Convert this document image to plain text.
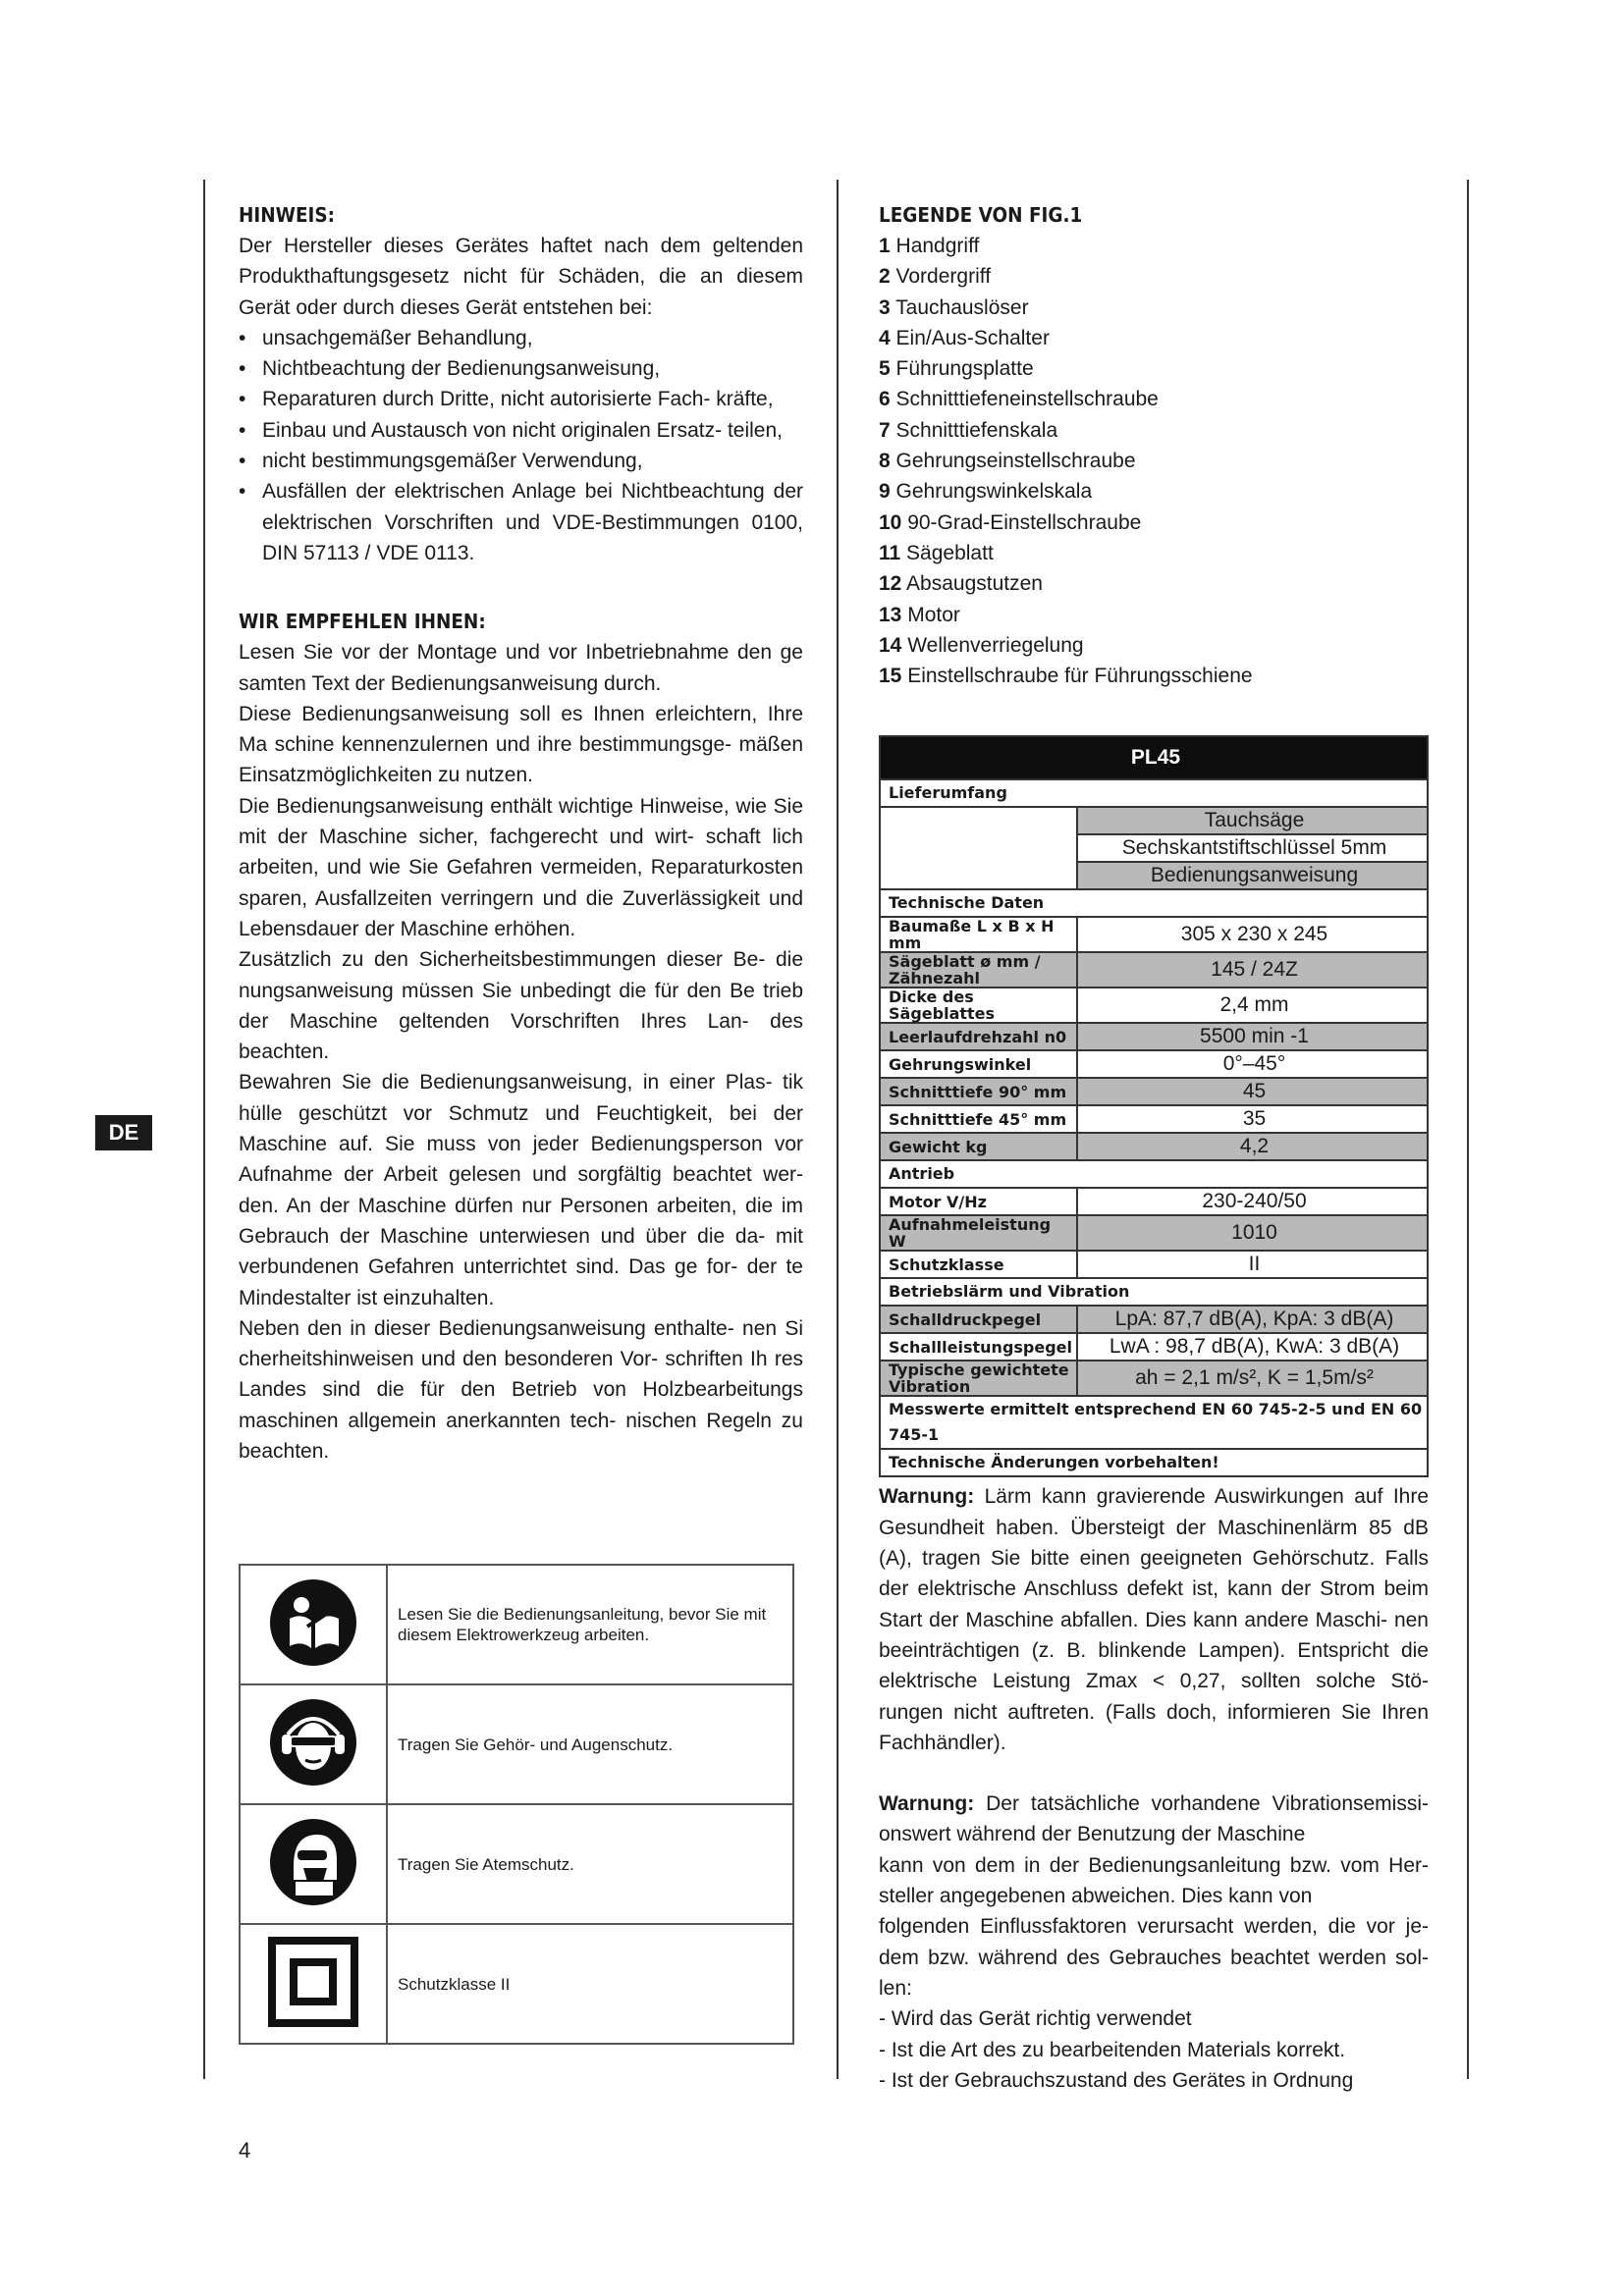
DE
HINWEIS:

Der Hersteller dieses Gerätes haftet nach dem geltenden Produkthaftungsgesetz nicht für Schäden, die an diesem Gerät oder durch dieses Gerät entstehen bei:

• unsachgemäßer Behandlung,
• Nichtbeachtung der Bedienungsanweisung,
• Reparaturen durch Dritte, nicht autorisierte Fach- kräfte,
• Einbau und Austausch von nicht originalen Ersatz- teilen,
• nicht bestimmungsgemäßer Verwendung,
• Ausfällen der elektrischen Anlage bei Nichtbeachtung der elektrischen Vorschriften und VDE-Bestimmungen 0100, DIN 57113 / VDE 0113.
WIR EMPFEHLEN IHNEN:

Lesen Sie vor der Montage und vor Inbetriebnahme den ge samten Text der Bedienungsanweisung durch.

Diese Bedienungsanweisung soll es Ihnen erleichtern, Ihre Ma schine kennenzulernen und ihre bestimmungsge- mäßen Einsatzmöglichkeiten zu nutzen.

Die Bedienungsanweisung enthält wichtige Hinweise, wie Sie mit der Maschine sicher, fachgerecht und wirt- schaft lich arbeiten, und wie Sie Gefahren vermeiden, Reparaturkosten sparen, Ausfallzeiten verringern und die Zuverlässigkeit und Lebensdauer der Maschine erhöhen.

Zusätzlich zu den Sicherheitsbestimmungen dieser Be- die nungsanweisung müssen Sie unbedingt die für den Be trieb der Maschine geltenden Vorschriften Ihres Lan- des beachten.

Bewahren Sie die Bedienungsanweisung, in einer Plas- tik hülle geschützt vor Schmutz und Feuchtigkeit, bei der Maschine auf. Sie muss von jeder Bedienungsperson vor Aufnahme der Arbeit gelesen und sorgfältig beachtet wer- den. An der Maschine dürfen nur Personen arbeiten, die im Gebrauch der Maschine unterwiesen und über die da- mit verbundenen Gefahren unterrichtet sind. Das ge for- der te Mindestalter ist einzuhalten.

Neben den in dieser Bedienungsanweisung enthalte- nen Si cherheitshinweisen und den besonderen Vor- schriften Ih res Landes sind die für den Betrieb von Holzbearbeitungs maschinen allgemein anerkannten tech- nischen Regeln zu beachten.

	Lesen Sie die Bedienungsanleitung, bevor Sie mit diesem Elektrowerkzeug arbeiten.
	Tragen Sie Gehör- und Augenschutz.
	Tragen Sie Atemschutz.
	Schutzklasse II
LEGENDE VON FIG.1
1 Handgriff
2 Vordergriff
3 Tauchauslöser
4 Ein/Aus-Schalter
5 Führungsplatte
6 Schnitttiefeneinstellschraube
7 Schnitttiefenskala
8 Gehrungseinstellschraube
9 Gehrungswinkelskala
10 90-Grad-Einstellschraube
11 Sägeblatt
12 Absaugstutzen
13 Motor
14 Wellenverriegelung
15 Einstellschraube für Führungsschiene
PL45	
Lieferumfang	
	Tauchsäge
	Sechskantstiftschlüssel 5mm
	Bedienungsanweisung
Technische Daten	
Baumaße L x B x H mm	305 x 230 x 245
Sägeblatt ø mm / Zähnezahl	145 / 24Z
Dicke des Sägeblattes	2,4 mm
Leerlaufdrehzahl n0	5500 min -1
Gehrungswinkel	0°–45°
Schnitttiefe 90° mm	45
Schnitttiefe 45° mm	35
Gewicht kg	4,2
Antrieb	
Motor V/Hz	230-240/50
Aufnahmeleistung W	1010
Schutzklasse	II
Betriebslärm und Vibration	
Schalldruckpegel	LpA: 87,7 dB(A), KpA: 3 dB(A)
Schallleistungspegel	LwA : 98,7 dB(A), KwA: 3 dB(A)
Typische gewichtete Vibration	ah = 2,1 m/s², K = 1,5m/s²
Messwerte ermittelt entsprechend EN 60 745-2-5 und EN 60 745-1	
Technische Änderungen vorbehalten!	

Warnung: Lärm kann gravierende Auswirkungen auf Ihre Gesundheit haben. Übersteigt der Maschinenlärm 85 dB (A), tragen Sie bitte einen geeigneten Gehörschutz. Falls der elektrische Anschluss defekt ist, kann der Strom beim Start der Maschine abfallen. Dies kann andere Maschi- nen beeinträchtigen (z. B. blinkende Lampen). Entspricht die elektrische Leistung Zmax < 0,27, sollten solche Stö- rungen nicht auftreten. (Falls doch, informieren Sie Ihren Fachhändler).

Warnung: Der tatsächliche vorhandene Vibrationsemissi- onswert während der Benutzung der Maschine

kann von dem in der Bedienungsanleitung bzw. vom Her- steller angegebenen abweichen. Dies kann von

folgenden Einflussfaktoren verursacht werden, die vor je- dem bzw. während des Gebrauches beachtet werden sol- len:

- Wird das Gerät richtig verwendet
- Ist die Art des zu bearbeitenden Materials korrekt.
- Ist der Gebrauchszustand des Gerätes in Ordnung
4
